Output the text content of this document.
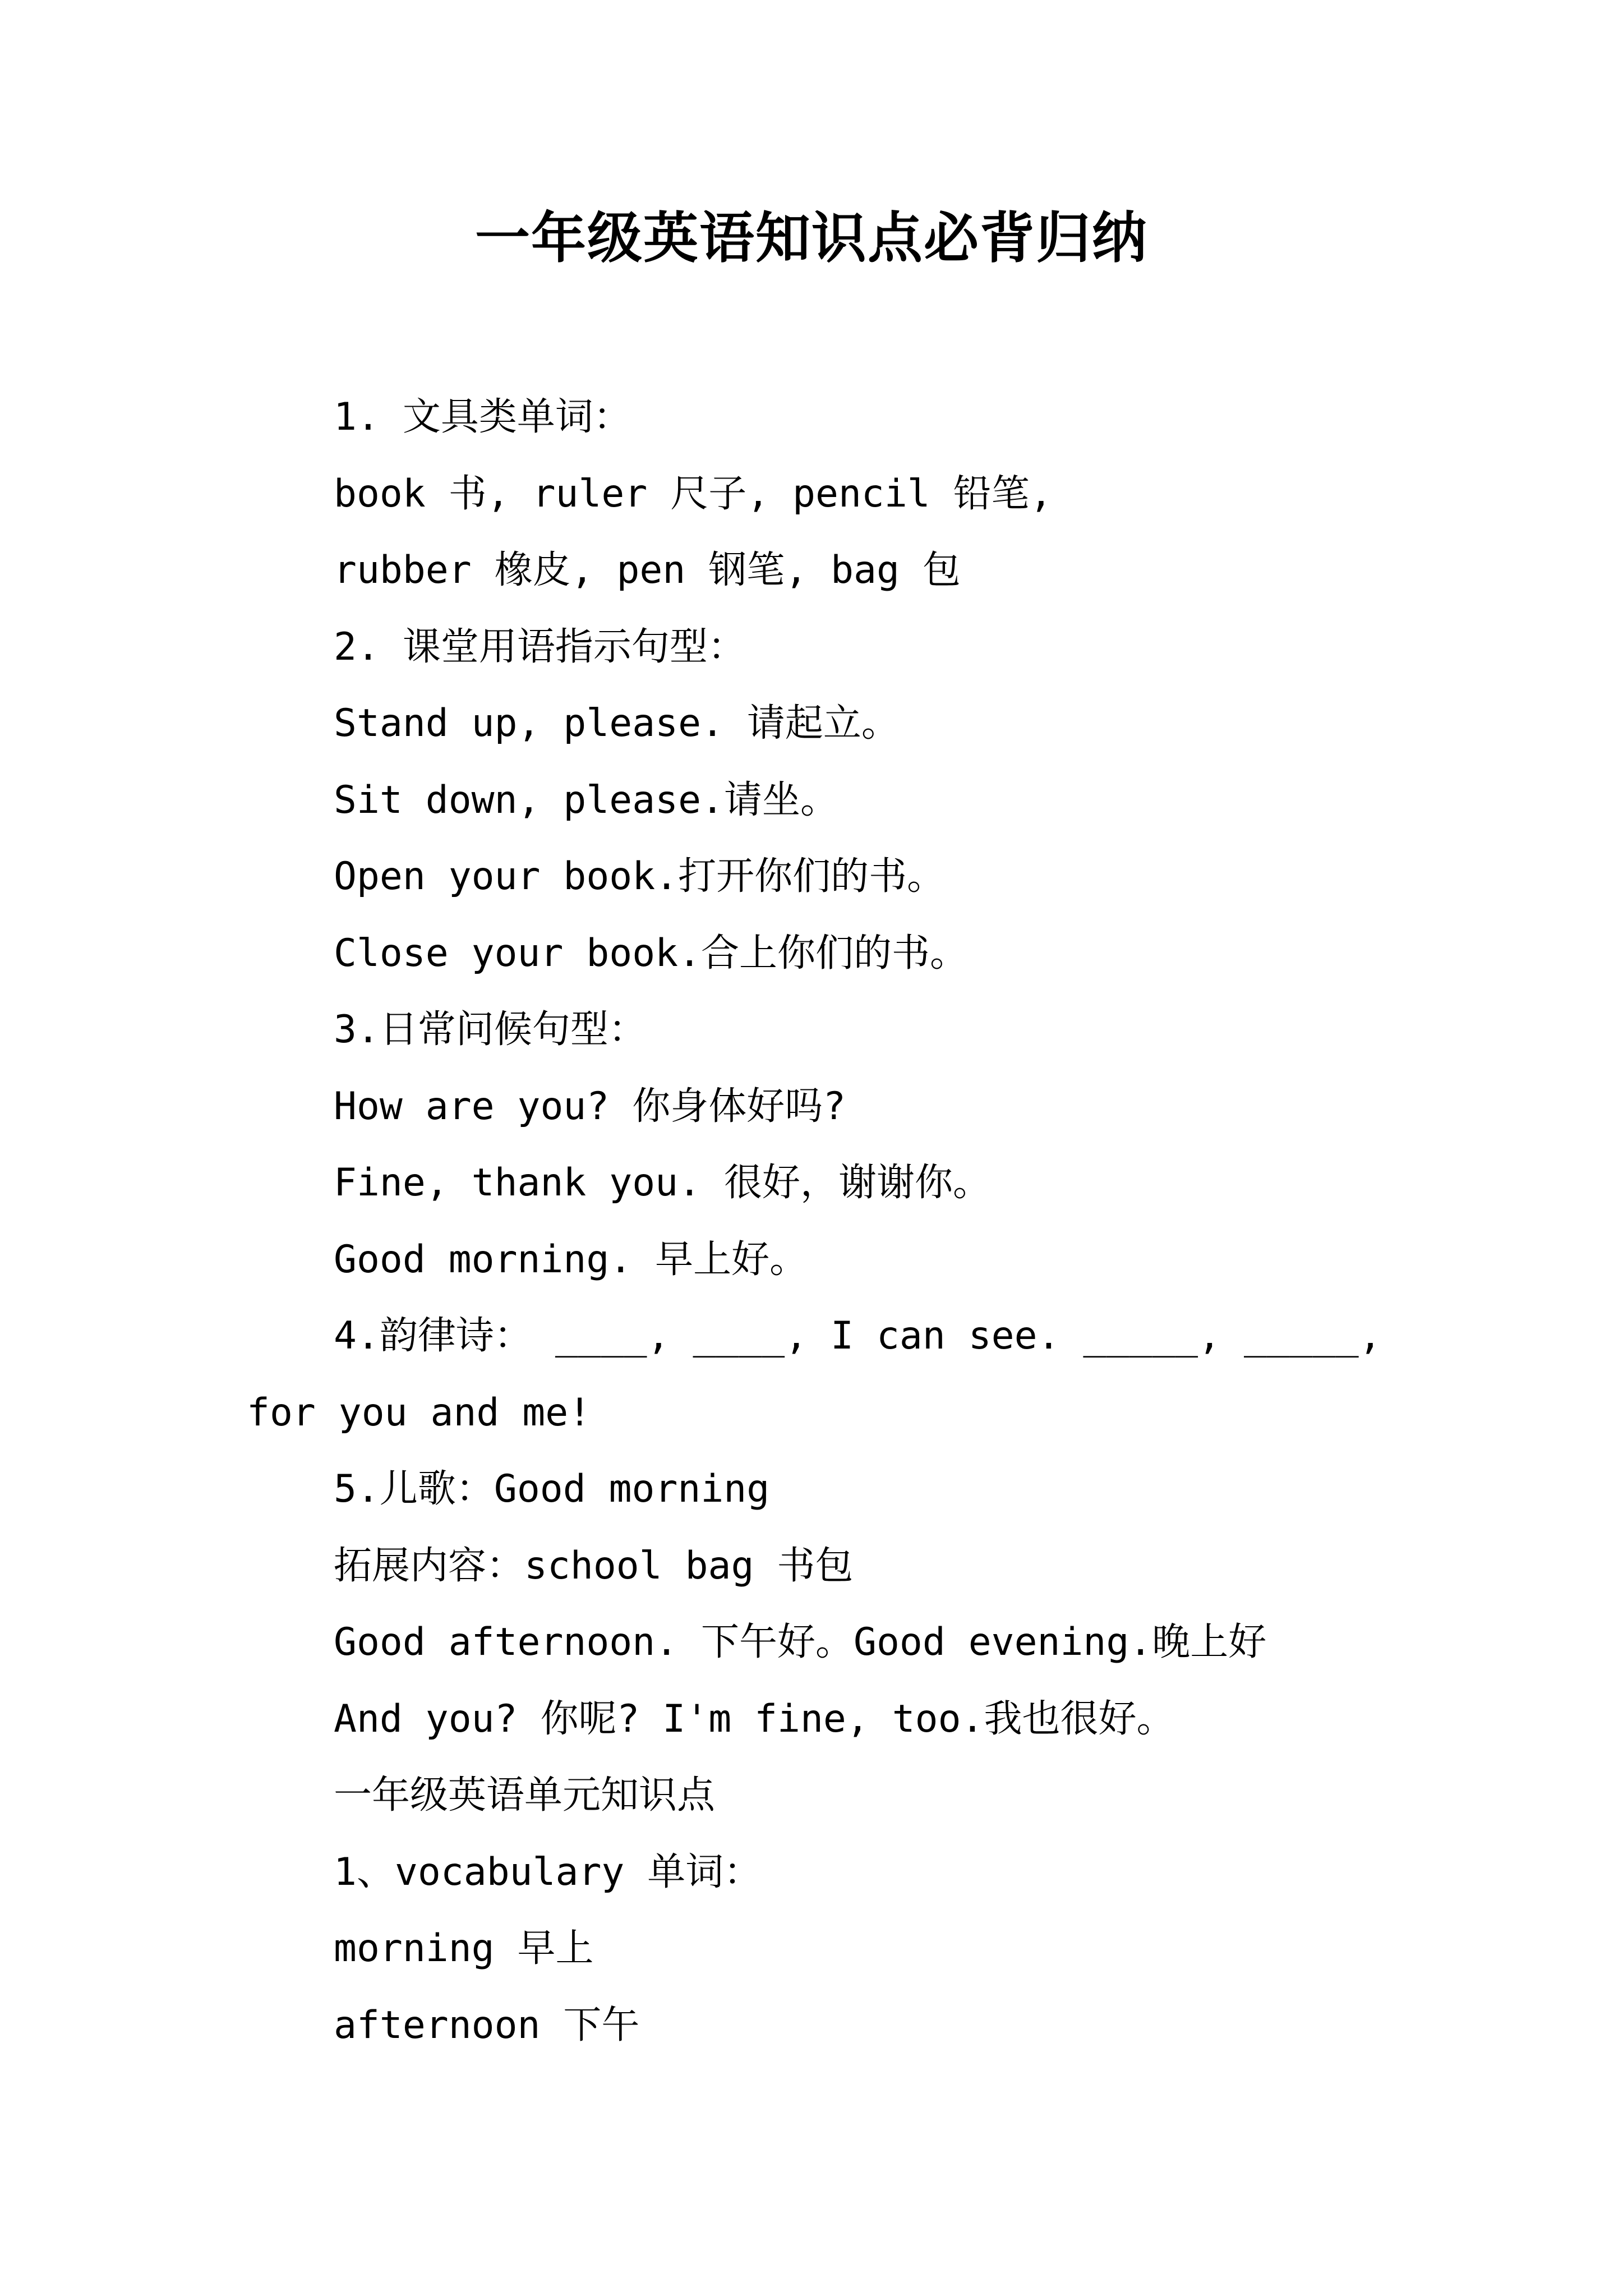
一年级英语知识点必背归纳
1. 文具类单词：
book 书, ruler 尺子, pencil 铅笔,
rubber 橡皮, pen 钢笔, bag 包
2. 课堂用语指示句型：
Stand up, please. 请起立。
Sit down, please.请坐。
Open your book.打开你们的书。
Close your book.合上你们的书。
3.日常问候句型：
How are you? 你身体好吗?
Fine, thank you. 很好，谢谢你。
Good morning. 早上好。
4.韵律诗： ____, ____, I can see. _____, _____,
for you and me!
5.儿歌：Good morning
拓展内容：school bag 书包
Good afternoon. 下午好。Good evening.晚上好
And you? 你呢? I'm fine, too.我也很好。
一年级英语单元知识点
1、vocabulary 单词：
morning 早上
afternoon 下午
